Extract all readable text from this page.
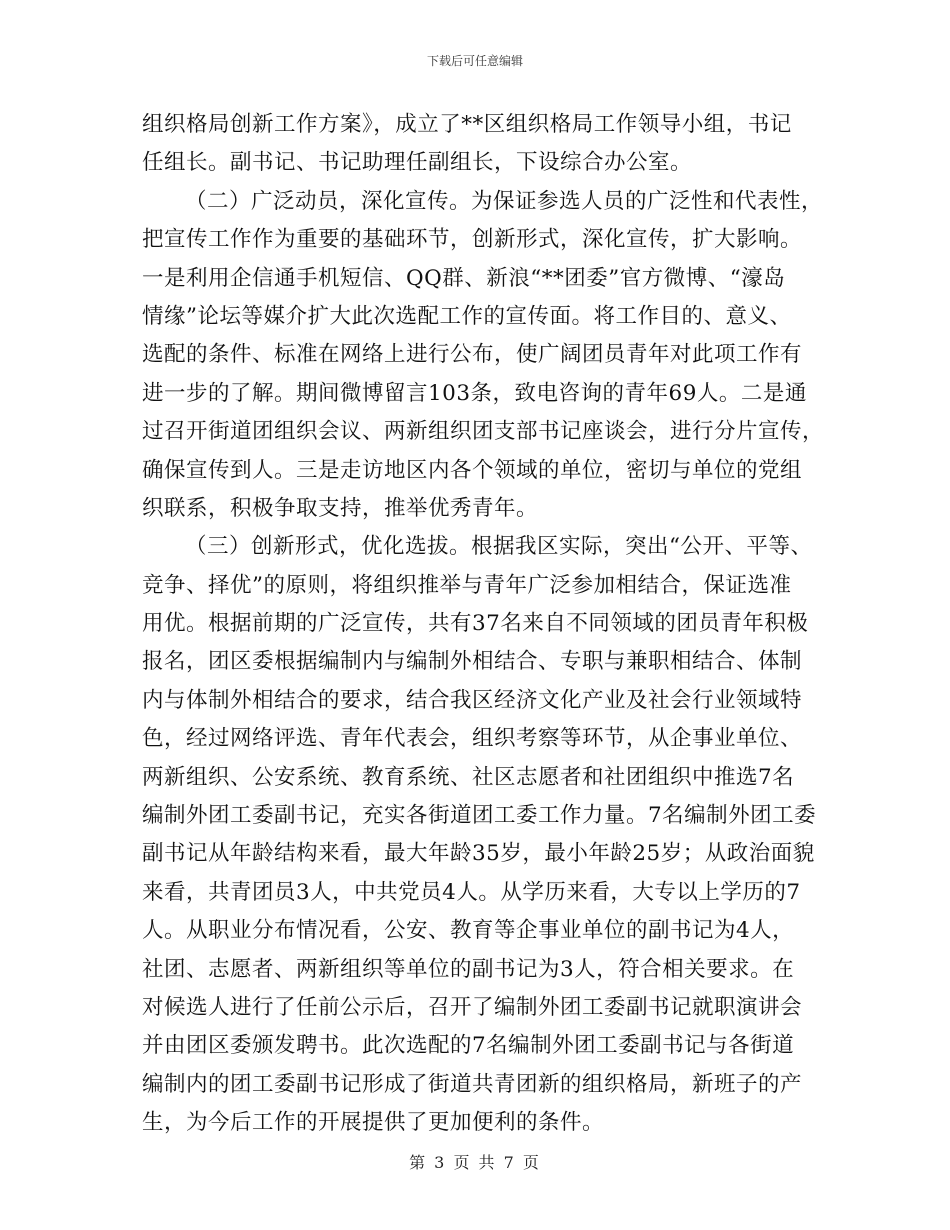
下载后可任意编辑
组织格局创新工作方案》，成立了**区组织格局工作领导小组，书记
任组长。副书记、书记助理任副组长，下设综合办公室。
（二）广泛动员，深化宣传。为保证参选人员的广泛性和代表性，
把宣传工作作为重要的基础环节，创新形式，深化宣传，扩大影响。
一是利用企信通手机短信、QQ群、新浪“**团委”官方微博、“濠岛
情缘”论坛等媒介扩大此次选配工作的宣传面。将工作目的、意义、
选配的条件、标准在网络上进行公布，使广阔团员青年对此项工作有
进一步的了解。期间微博留言103条，致电咨询的青年69人。二是通
过召开街道团组织会议、两新组织团支部书记座谈会，进行分片宣传，
确保宣传到人。三是走访地区内各个领域的单位，密切与单位的党组
织联系，积极争取支持，推举优秀青年。
（三）创新形式，优化选拔。根据我区实际，突出“公开、平等、
竞争、择优”的原则，将组织推举与青年广泛参加相结合，保证选准
用优。根据前期的广泛宣传，共有37名来自不同领域的团员青年积极
报名，团区委根据编制内与编制外相结合、专职与兼职相结合、体制
内与体制外相结合的要求，结合我区经济文化产业及社会行业领域特
色，经过网络评选、青年代表会，组织考察等环节，从企事业单位、
两新组织、公安系统、教育系统、社区志愿者和社团组织中推选7名
编制外团工委副书记，充实各街道团工委工作力量。7名编制外团工委
副书记从年龄结构来看，最大年龄35岁，最小年龄25岁；从政治面貌
来看，共青团员3人，中共党员4人。从学历来看，大专以上学历的7
人。从职业分布情况看，公安、教育等企事业单位的副书记为4人，
社团、志愿者、两新组织等单位的副书记为3人，符合相关要求。在
对候选人进行了任前公示后，召开了编制外团工委副书记就职演讲会
并由团区委颁发聘书。此次选配的7名编制外团工委副书记与各街道
编制内的团工委副书记形成了街道共青团新的组织格局，新班子的产
生，为今后工作的开展提供了更加便利的条件。
第 3 页 共 7 页
